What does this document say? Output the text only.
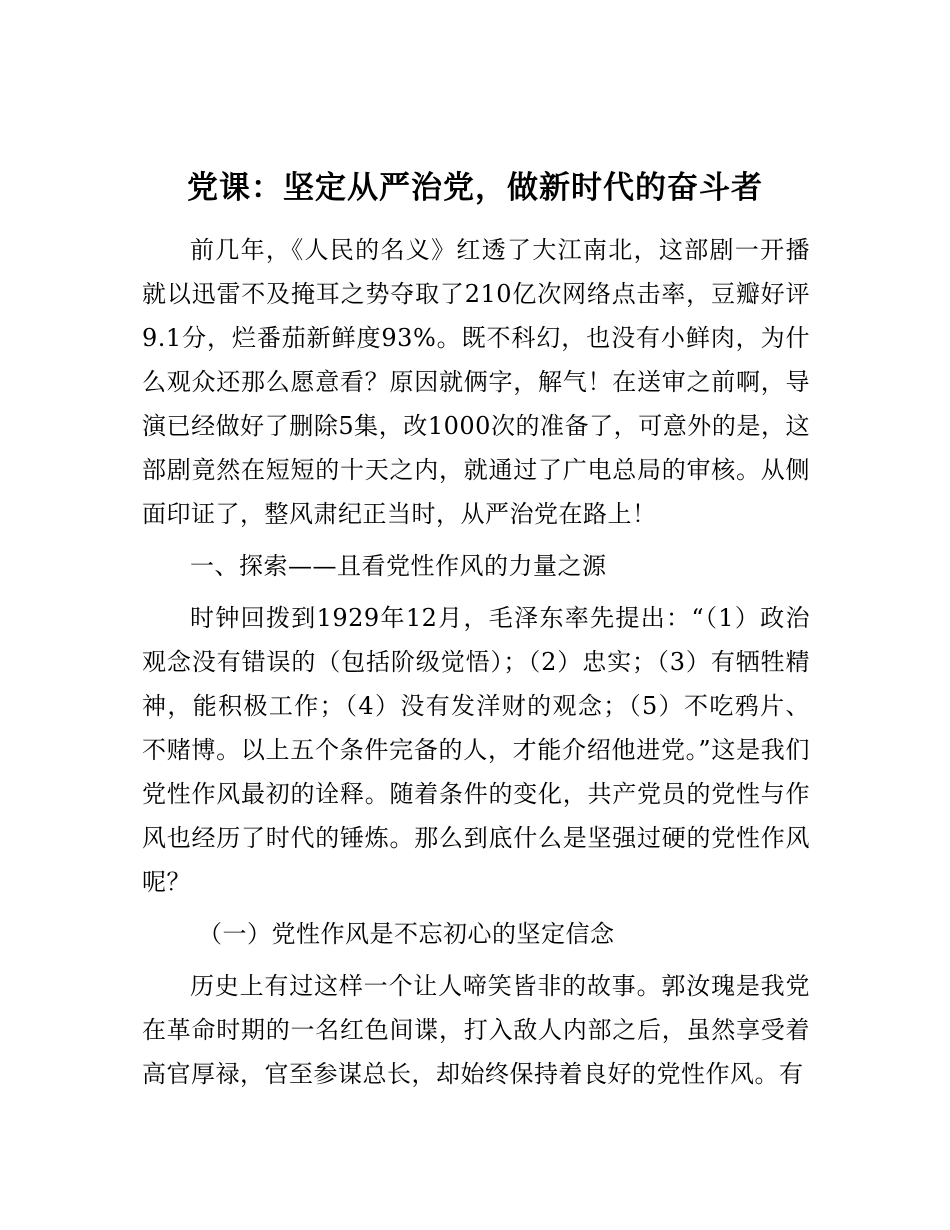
党课：坚定从严治党，做新时代的奋斗者

前几年，《人民的名义》红透了大江南北，这部剧一开播就以迅雷不及掩耳之势夺取了210亿次网络点击率，豆瓣好评9.1分，烂番茄新鲜度93%。既不科幻，也没有小鲜肉，为什么观众还那么愿意看？原因就俩字，解气！在送审之前啊，导演已经做好了删除5集，改1000次的准备了，可意外的是，这部剧竟然在短短的十天之内，就通过了广电总局的审核。从侧面印证了，整风肃纪正当时，从严治党在路上！

一、探索——且看党性作风的力量之源

时钟回拨到1929年12月，毛泽东率先提出：“（1）政治观念没有错误的（包括阶级觉悟）；（2）忠实；（3）有牺牲精神，能积极工作；（4）没有发洋财的观念；（5）不吃鸦片、不赌博。以上五个条件完备的人，才能介绍他进党。”这是我们党性作风最初的诠释。随着条件的变化，共产党员的党性与作风也经历了时代的锤炼。那么到底什么是坚强过硬的党性作风呢？

（一）党性作风是不忘初心的坚定信念

历史上有过这样一个让人啼笑皆非的故事。郭汝瑰是我党在革命时期的一名红色间谍，打入敌人内部之后，虽然享受着高官厚禄，官至参谋总长，却始终保持着良好的党性作风。有
